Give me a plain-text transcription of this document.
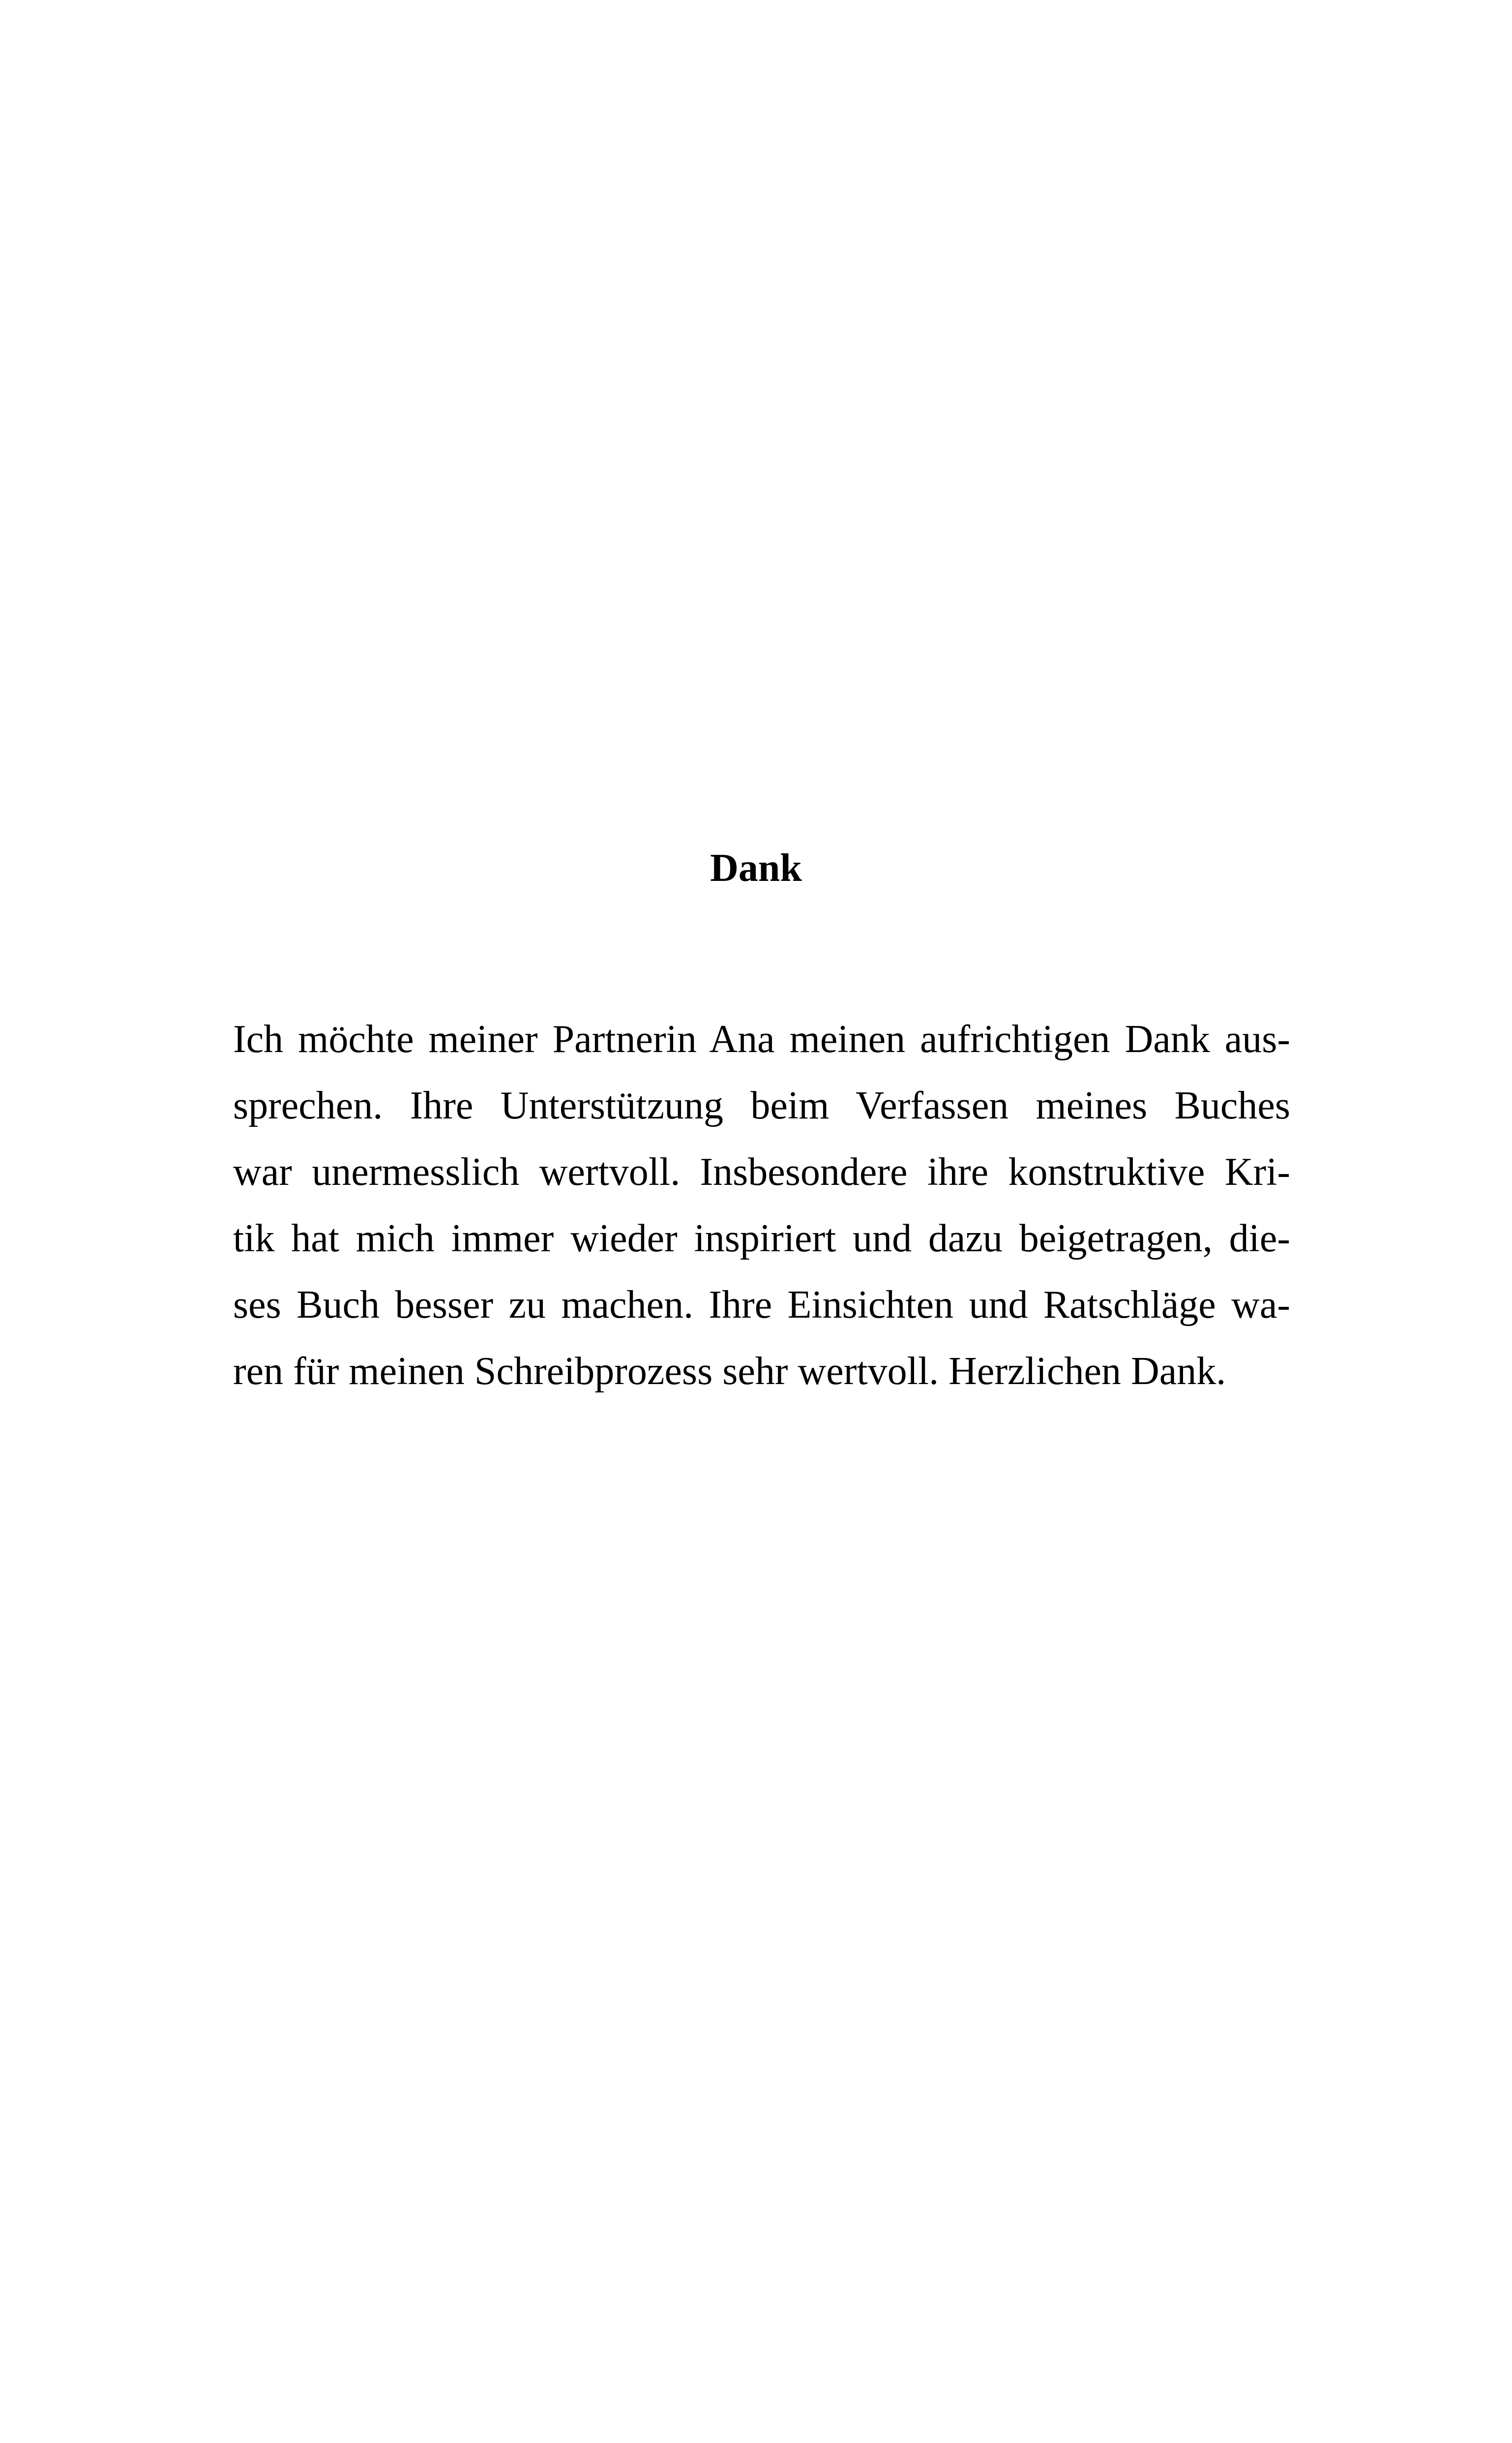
Dank
Ich möchte meiner Partnerin Ana meinen aufrichtigen Dank aus-
sprechen. Ihre Unterstützung beim Verfassen meines Buches
war unermesslich wertvoll. Insbesondere ihre konstruktive Kri-
tik hat mich immer wieder inspiriert und dazu beigetragen, die-
ses Buch besser zu machen. Ihre Einsichten und Ratschläge wa-
ren für meinen Schreibprozess sehr wertvoll. Herzlichen Dank.
